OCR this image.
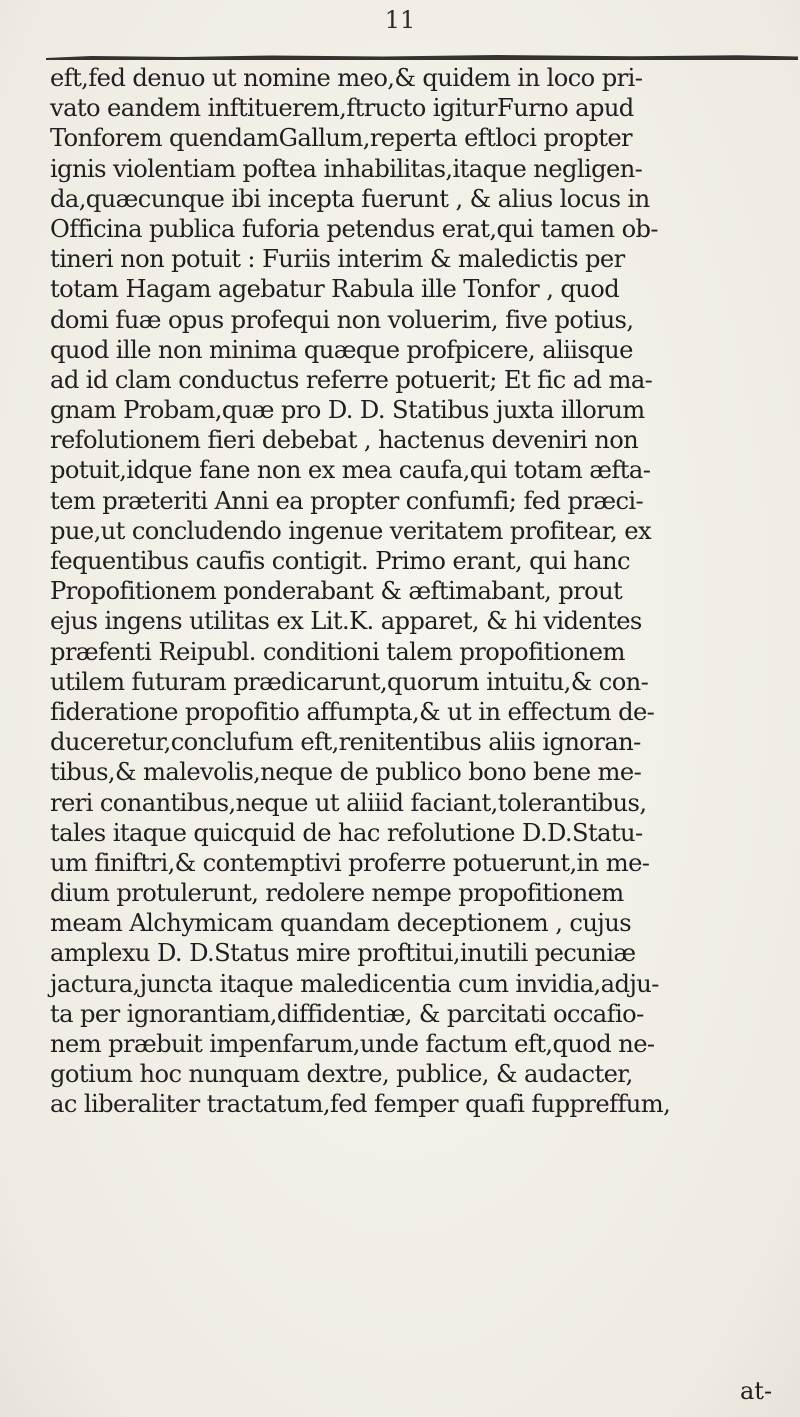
11
eft,fed denuo ut nomine meo,& quidem in loco pri-
vato eandem inftituerem,ftructo igiturFurno apud
Tonforem quendamGallum,reperta eftloci propter
ignis violentiam poftea inhabilitas,itaque negligen-
da,quæcunque ibi incepta fuerunt , & alius locus in
Officina publica fuforia petendus erat,qui tamen ob-
tineri non potuit : Furiis interim & maledictis per
totam Hagam agebatur Rabula ille Tonfor , quod
domi fuæ opus profequi non voluerim, five potius,
quod ille non minima quæque profpicere, aliisque
ad id clam conductus referre potuerit; Et fic ad ma-
gnam Probam,quæ pro D. D. Statibus juxta illorum
refolutionem fieri debebat , hactenus deveniri non
potuit,idque fane non ex mea caufa,qui totam æfta-
tem præteriti Anni ea propter confumfi; fed præci-
pue,ut concludendo ingenue veritatem profitear, ex
fequentibus caufis contigit. Primo erant, qui hanc
Propofitionem ponderabant & æftimabant, prout
ejus ingens utilitas ex Lit.K. apparet, & hi videntes
præfenti Reipubl. conditioni talem propofitionem
utilem futuram prædicarunt,quorum intuitu,& con-
fideratione propofitio affumpta,& ut in effectum de-
duceretur,conclufum eft,renitentibus aliis ignoran-
tibus,& malevolis,neque de publico bono bene me-
reri conantibus,neque ut aliiid faciant,tolerantibus,
tales itaque quicquid de hac refolutione D.D.Statu-
um finiftri,& contemptivi proferre potuerunt,in me-
dium protulerunt, redolere nempe propofitionem
meam Alchymicam quandam deceptionem , cujus
amplexu D. D.Status mire proftitui,inutili pecuniæ
jactura,juncta itaque maledicentia cum invidia,adju-
ta per ignorantiam,diffidentiæ, & parcitati occafio-
nem præbuit impenfarum,unde factum eft,quod ne-
gotium hoc nunquam dextre, publice, & audacter,
ac liberaliter tractatum,fed femper quafi fuppreffum,
at-
